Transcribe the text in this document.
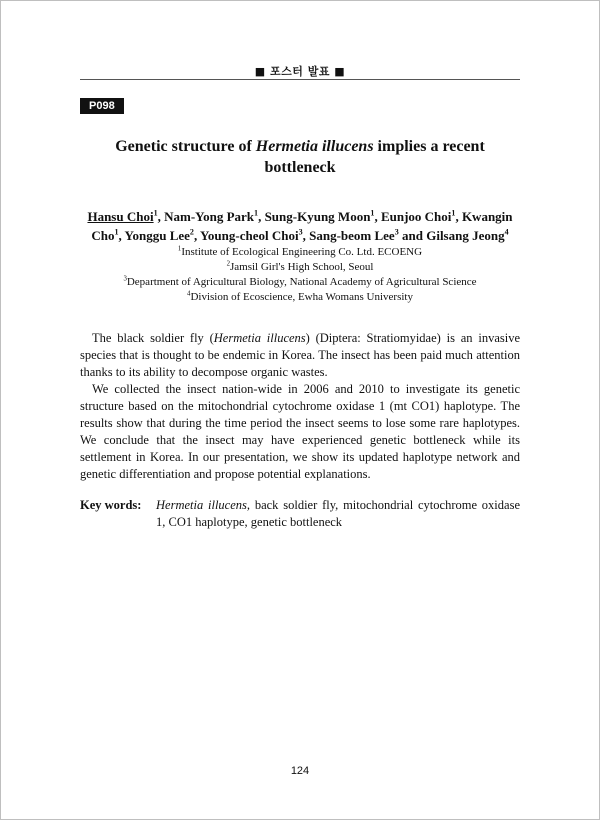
■ 포스터 발표 ■
P098
Genetic structure of Hermetia illucens implies a recent
bottleneck
Hansu Choi$^1$, Nam-Yong Park$^1$, Sung-Kyung Moon$^1$, Eunjoo Choi$^1$, Kwangin Cho$^1$, Yonggu Lee$^2$, Young-cheol Choi$^3$, Sang-beom Lee$^3$ and Gilsang Jeong$^4$
$^1$Institute of Ecological Engineering Co. Ltd. ECOENG
$^2$Jamsil Girl's High School, Seoul
$^3$Department of Agricultural Biology, National Academy of Agricultural Science
$^4$Division of Ecoscience, Ewha Womans University

The black soldier fly (Hermetia illucens) (Diptera: Stratiomyidae) is an invasive species that is thought to be endemic in Korea. The insect has been paid much attention thanks to its ability to decompose organic wastes.

We collected the insect nation-wide in 2006 and 2010 to investigate its genetic structure based on the mitochondrial cytochrome oxidase 1 (mt CO1) haplotype. The results show that during the time period the insect seems to lose some rare haplotypes. We conclude that the insect may have experienced genetic bottleneck while its settlement in Korea. In our presentation, we show its updated haplotype network and genetic differentiation and propose potential explanations.

Key words: Hermetia illucens, back soldier fly, mitochondrial cytochrome oxidase 1, CO1 haplotype, genetic bottleneck
124
